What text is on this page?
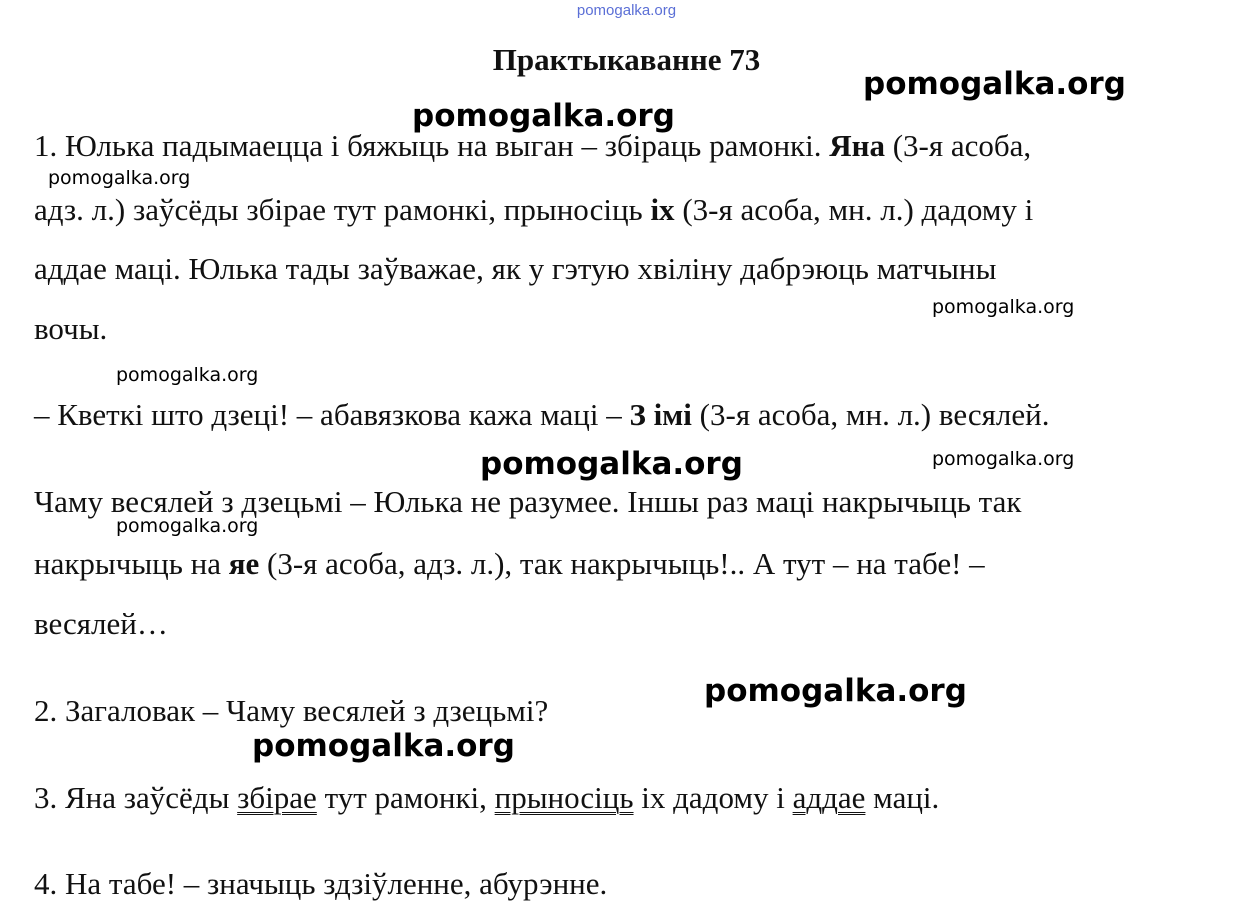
pomogalka.org
Практыкаванне 73
1. Юлька падымаецца і бяжыць на выган – збіраць рамонкі. Яна (3-я асоба,
адз. л.) заўсёды збірае тут рамонкі, прыносіць іх (3-я асоба, мн. л.) дадому і
аддае маці. Юлька тады заўважае, як у гэтую хвіліну дабрэюць матчыны
вочы.
– Кветкі што дзеці! – абавязкова кажа маці – З імі (3-я асоба, мн. л.) весялей.
Чаму весялей з дзецьмі – Юлька не разумее. Іншы раз маці накрычыць так
накрычыць на яе (3-я асоба, адз. л.), так накрычыць!.. А тут – на табе! –
весялей…
2. Загаловак – Чаму весялей з дзецьмі?
3. Яна заўсёды збірае тут рамонкі, прыносіць іх дадому і аддае маці.
4. На табе! – значыць здзіўленне, абурэнне.
pomogalka.org
pomogalka.org
pomogalka.org
pomogalka.org
pomogalka.org
pomogalka.org	pomogalka.org
pomogalka.org
pomogalka.org
pomogalka.org
